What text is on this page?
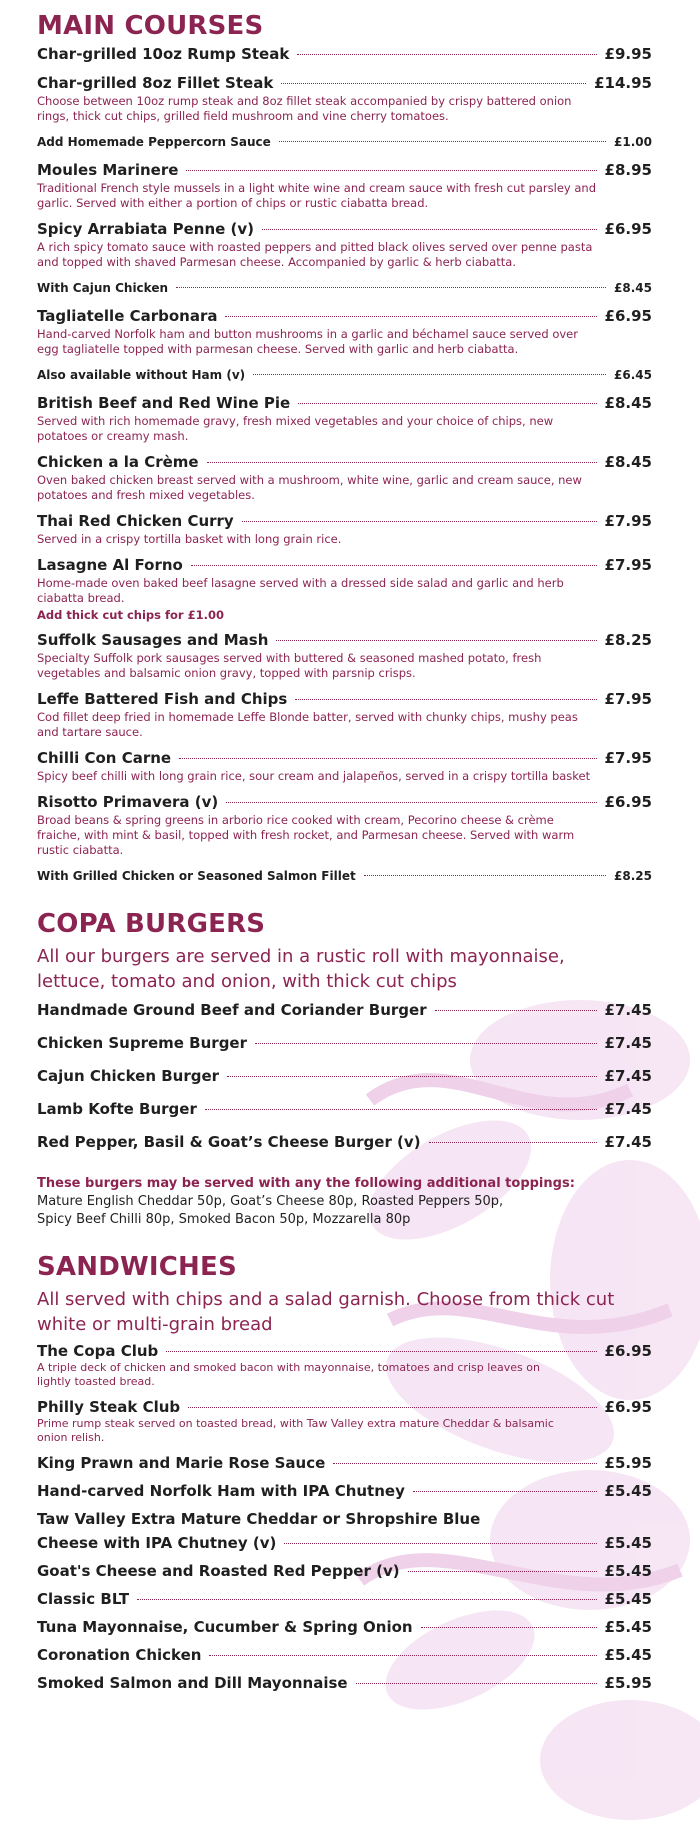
MAIN COURSES
Char-grilled 10oz Rump Steak	£9.95
Char-grilled 8oz Fillet Steak	£14.95
Choose between 10oz rump steak and 8oz fillet steak accompanied by crispy battered onion rings, thick cut chips, grilled field mushroom and vine cherry tomatoes.
Add Homemade Peppercorn Sauce	£1.00
Moules Marinere	£8.95
Traditional French style mussels in a light white wine and cream sauce with fresh cut parsley and garlic. Served with either a portion of chips or rustic ciabatta bread.
Spicy Arrabiata Penne (v)	£6.95
A rich spicy tomato sauce with roasted peppers and pitted black olives served over penne pasta and topped with shaved Parmesan cheese. Accompanied by garlic & herb ciabatta.
With Cajun Chicken	£8.45
Tagliatelle Carbonara	£6.95
Hand-carved Norfolk ham and button mushrooms in a garlic and béchamel sauce served over egg tagliatelle topped with parmesan cheese. Served with garlic and herb ciabatta.
Also available without Ham (v)	£6.45
British Beef and Red Wine Pie	£8.45
Served with rich homemade gravy, fresh mixed vegetables and your choice of chips, new potatoes or creamy mash.
Chicken a la Crème	£8.45
Oven baked chicken breast served with a mushroom, white wine, garlic and cream sauce, new potatoes and fresh mixed vegetables.
Thai Red Chicken Curry	£7.95
Served in a crispy tortilla basket with long grain rice.
Lasagne Al Forno	£7.95
Home-made oven baked beef lasagne served with a dressed side salad and garlic and herb ciabatta bread.
Add thick cut chips for £1.00
Suffolk Sausages and Mash	£8.25
Specialty Suffolk pork sausages served with buttered & seasoned mashed potato, fresh vegetables and balsamic onion gravy, topped with parsnip crisps.
Leffe Battered Fish and Chips	£7.95
Cod fillet deep fried in homemade Leffe Blonde batter, served with chunky chips, mushy peas and tartare sauce.
Chilli Con Carne	£7.95
Spicy beef chilli with long grain rice, sour cream and jalapeños, served in a crispy tortilla basket
Risotto Primavera (v)	£6.95
Broad beans & spring greens in arborio rice cooked with cream, Pecorino cheese & crème fraiche, with mint & basil, topped with fresh rocket, and Parmesan cheese. Served with warm rustic ciabatta.
With Grilled Chicken or Seasoned Salmon Fillet	£8.25
COPA BURGERS
All our burgers are served in a rustic roll with mayonnaise, lettuce, tomato and onion, with thick cut chips
Handmade Ground Beef and Coriander Burger	£7.45
Chicken Supreme Burger	£7.45
Cajun Chicken Burger	£7.45
Lamb Kofte Burger	£7.45
Red Pepper, Basil & Goat’s Cheese Burger (v)	£7.45
These burgers may be served with any the following additional toppings:
Mature English Cheddar 50p, Goat’s Cheese 80p, Roasted Peppers 50p, Spicy Beef Chilli 80p, Smoked Bacon 50p, Mozzarella 80p
SANDWICHES
All served with chips and a salad garnish. Choose from thick cut white or multi-grain bread
The Copa Club	£6.95
A triple deck of chicken and smoked bacon with mayonnaise, tomatoes and crisp leaves on lightly toasted bread.
Philly Steak Club	£6.95
Prime rump steak served on toasted bread, with Taw Valley extra mature Cheddar & balsamic onion relish.
King Prawn and Marie Rose Sauce	£5.95
Hand-carved Norfolk Ham with IPA Chutney	£5.45
Taw Valley Extra Mature Cheddar or Shropshire Blue
Cheese with IPA Chutney (v)	£5.45
Goat's Cheese and Roasted Red Pepper (v)	£5.45
Classic BLT	£5.45
Tuna Mayonnaise, Cucumber & Spring Onion	£5.45
Coronation Chicken	£5.45
Smoked Salmon and Dill Mayonnaise	£5.95
